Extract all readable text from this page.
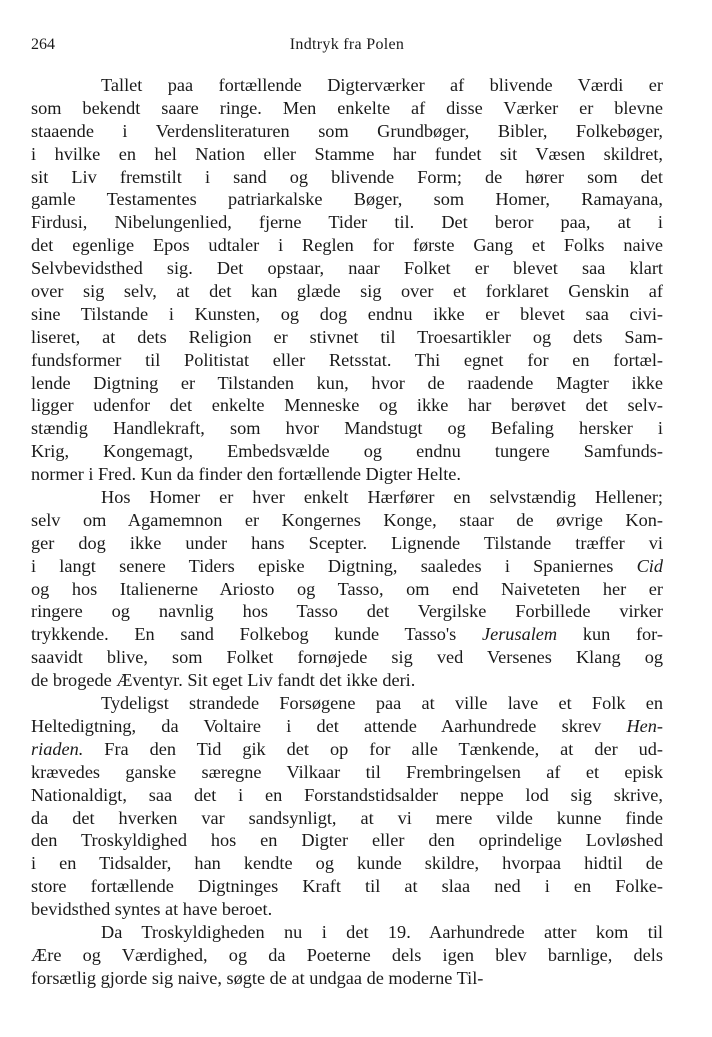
264	Indtryk fra Polen
Tallet paa fortællende Digterværker af blivende Værdi er
som bekendt saare ringe. Men enkelte af disse Værker er blevne
staaende i Verdensliteraturen som Grundbøger, Bibler, Folkebøger,
i hvilke en hel Nation eller Stamme har fundet sit Væsen skildret,
sit Liv fremstilt i sand og blivende Form; de hører som det
gamle Testamentes patriarkalske Bøger, som Homer, Ramayana,
Firdusi, Nibelungenlied, fjerne Tider til. Det beror paa, at i
det egenlige Epos udtaler i Reglen for første Gang et Folks naive
Selvbevidsthed sig. Det opstaar, naar Folket er blevet saa klart
over sig selv, at det kan glæde sig over et forklaret Genskin af
sine Tilstande i Kunsten, og dog endnu ikke er blevet saa civi-
liseret, at dets Religion er stivnet til Troesartikler og dets Sam-
fundsformer til Politistat eller Retsstat. Thi egnet for en fortæl-
lende Digtning er Tilstanden kun, hvor de raadende Magter ikke
ligger udenfor det enkelte Menneske og ikke har berøvet det selv-
stændig Handlekraft, som hvor Mandstugt og Befaling hersker i
Krig, Kongemagt, Embedsvælde og endnu tungere Samfunds-
normer i Fred. Kun da finder den fortællende Digter Helte.
Hos Homer er hver enkelt Hærfører en selvstændig Hellener;
selv om Agamemnon er Kongernes Konge, staar de øvrige Kon-
ger dog ikke under hans Scepter. Lignende Tilstande træffer vi
i langt senere Tiders episke Digtning, saaledes i Spaniernes Cid
og hos Italienerne Ariosto og Tasso, om end Naiveteten her er
ringere og navnlig hos Tasso det Vergilske Forbillede virker
trykkende. En sand Folkebog kunde Tasso's Jerusalem kun for-
saavidt blive, som Folket fornøjede sig ved Versenes Klang og
de brogede Æventyr. Sit eget Liv fandt det ikke deri.
Tydeligst strandede Forsøgene paa at ville lave et Folk en
Heltedigtning, da Voltaire i det attende Aarhundrede skrev Hen-
riaden. Fra den Tid gik det op for alle Tænkende, at der ud-
krævedes ganske særegne Vilkaar til Frembringelsen af et episk
Nationaldigt, saa det i en Forstandstidsalder neppe lod sig skrive,
da det hverken var sandsynligt, at vi mere vilde kunne finde
den Troskyldighed hos en Digter eller den oprindelige Lovløshed
i en Tidsalder, han kendte og kunde skildre, hvorpaa hidtil de
store fortællende Digtninges Kraft til at slaa ned i en Folke-
bevidsthed syntes at have beroet.
Da Troskyldigheden nu i det 19. Aarhundrede atter kom til
Ære og Værdighed, og da Poeterne dels igen blev barnlige, dels
forsætlig gjorde sig naive, søgte de at undgaa de moderne Til-
